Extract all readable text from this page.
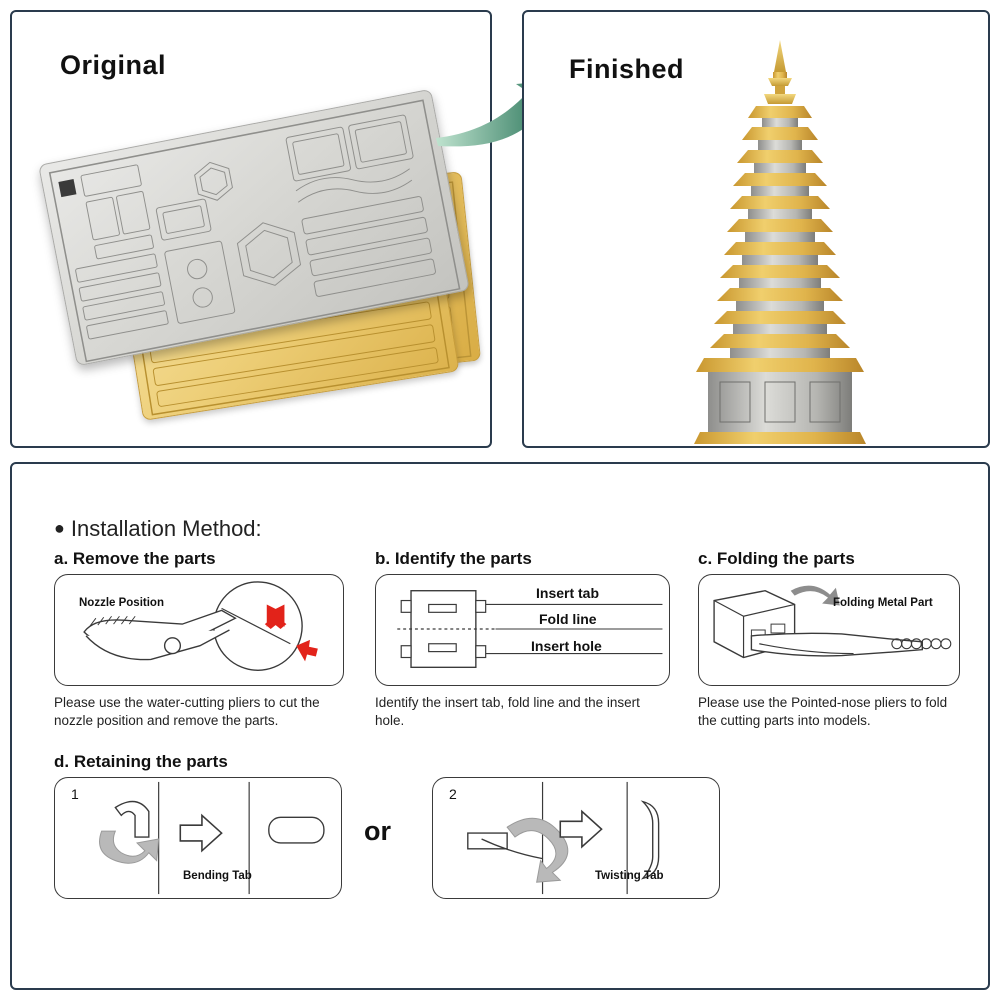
Original	Finished
● Installation Method:
a. Remove the parts
Nozzle Position
Please use the water-cutting pliers to cut the nozzle position and remove the parts.
b. Identify the parts
Insert tab
Fold line
Insert hole
Identify the insert tab, fold line and the insert hole.
c. Folding the parts
Folding Metal Part
Please use the Pointed-nose pliers to fold the cutting parts into models.
d. Retaining the parts
1
Bending Tab
or
2
Twisting Tab
